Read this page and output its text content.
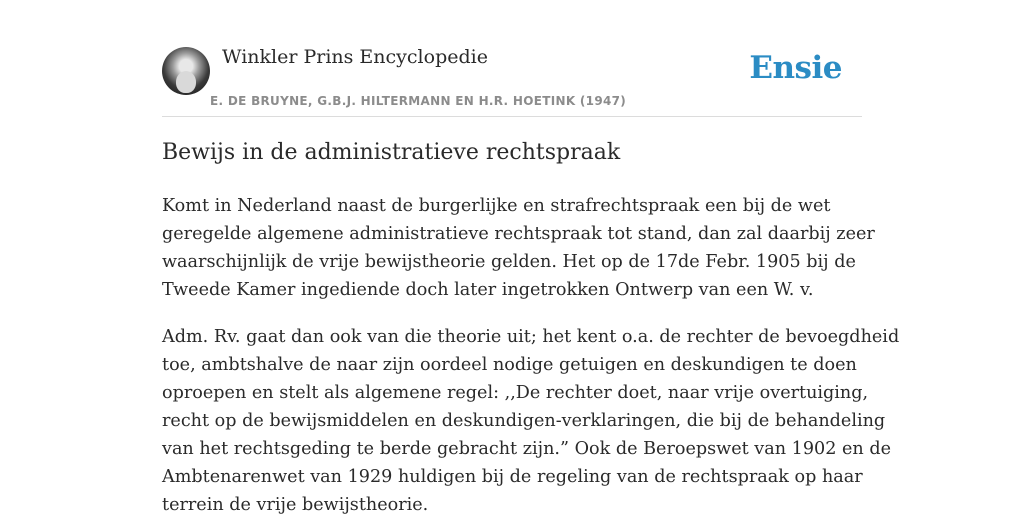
Winkler Prins Encyclopedie
E. DE BRUYNE, G.B.J. HILTERMANN EN H.R. HOETINK (1947)
Ensie
Bewijs in de administratieve rechtspraak
Komt in Nederland naast de burgerlijke en strafrechtspraak een bij de wet
geregelde algemene administratieve rechtspraak tot stand, dan zal daarbij zeer
waarschijnlijk de vrije bewijstheorie gelden. Het op de 17de Febr. 1905 bij de
Tweede Kamer ingediende doch later ingetrokken Ontwerp van een W. v.
Adm. Rv. gaat dan ook van die theorie uit; het kent o.a. de rechter de bevoegdheid
toe, ambtshalve de naar zijn oordeel nodige getuigen en deskundigen te doen
oproepen en stelt als algemene regel: ,,De rechter doet, naar vrije overtuiging,
recht op de bewijsmiddelen en deskundigen-verklaringen, die bij de behandeling
van het rechtsgeding te berde gebracht zijn.” Ook de Beroepswet van 1902 en de
Ambtenarenwet van 1929 huldigen bij de regeling van de rechtspraak op haar
terrein de vrije bewijstheorie.
